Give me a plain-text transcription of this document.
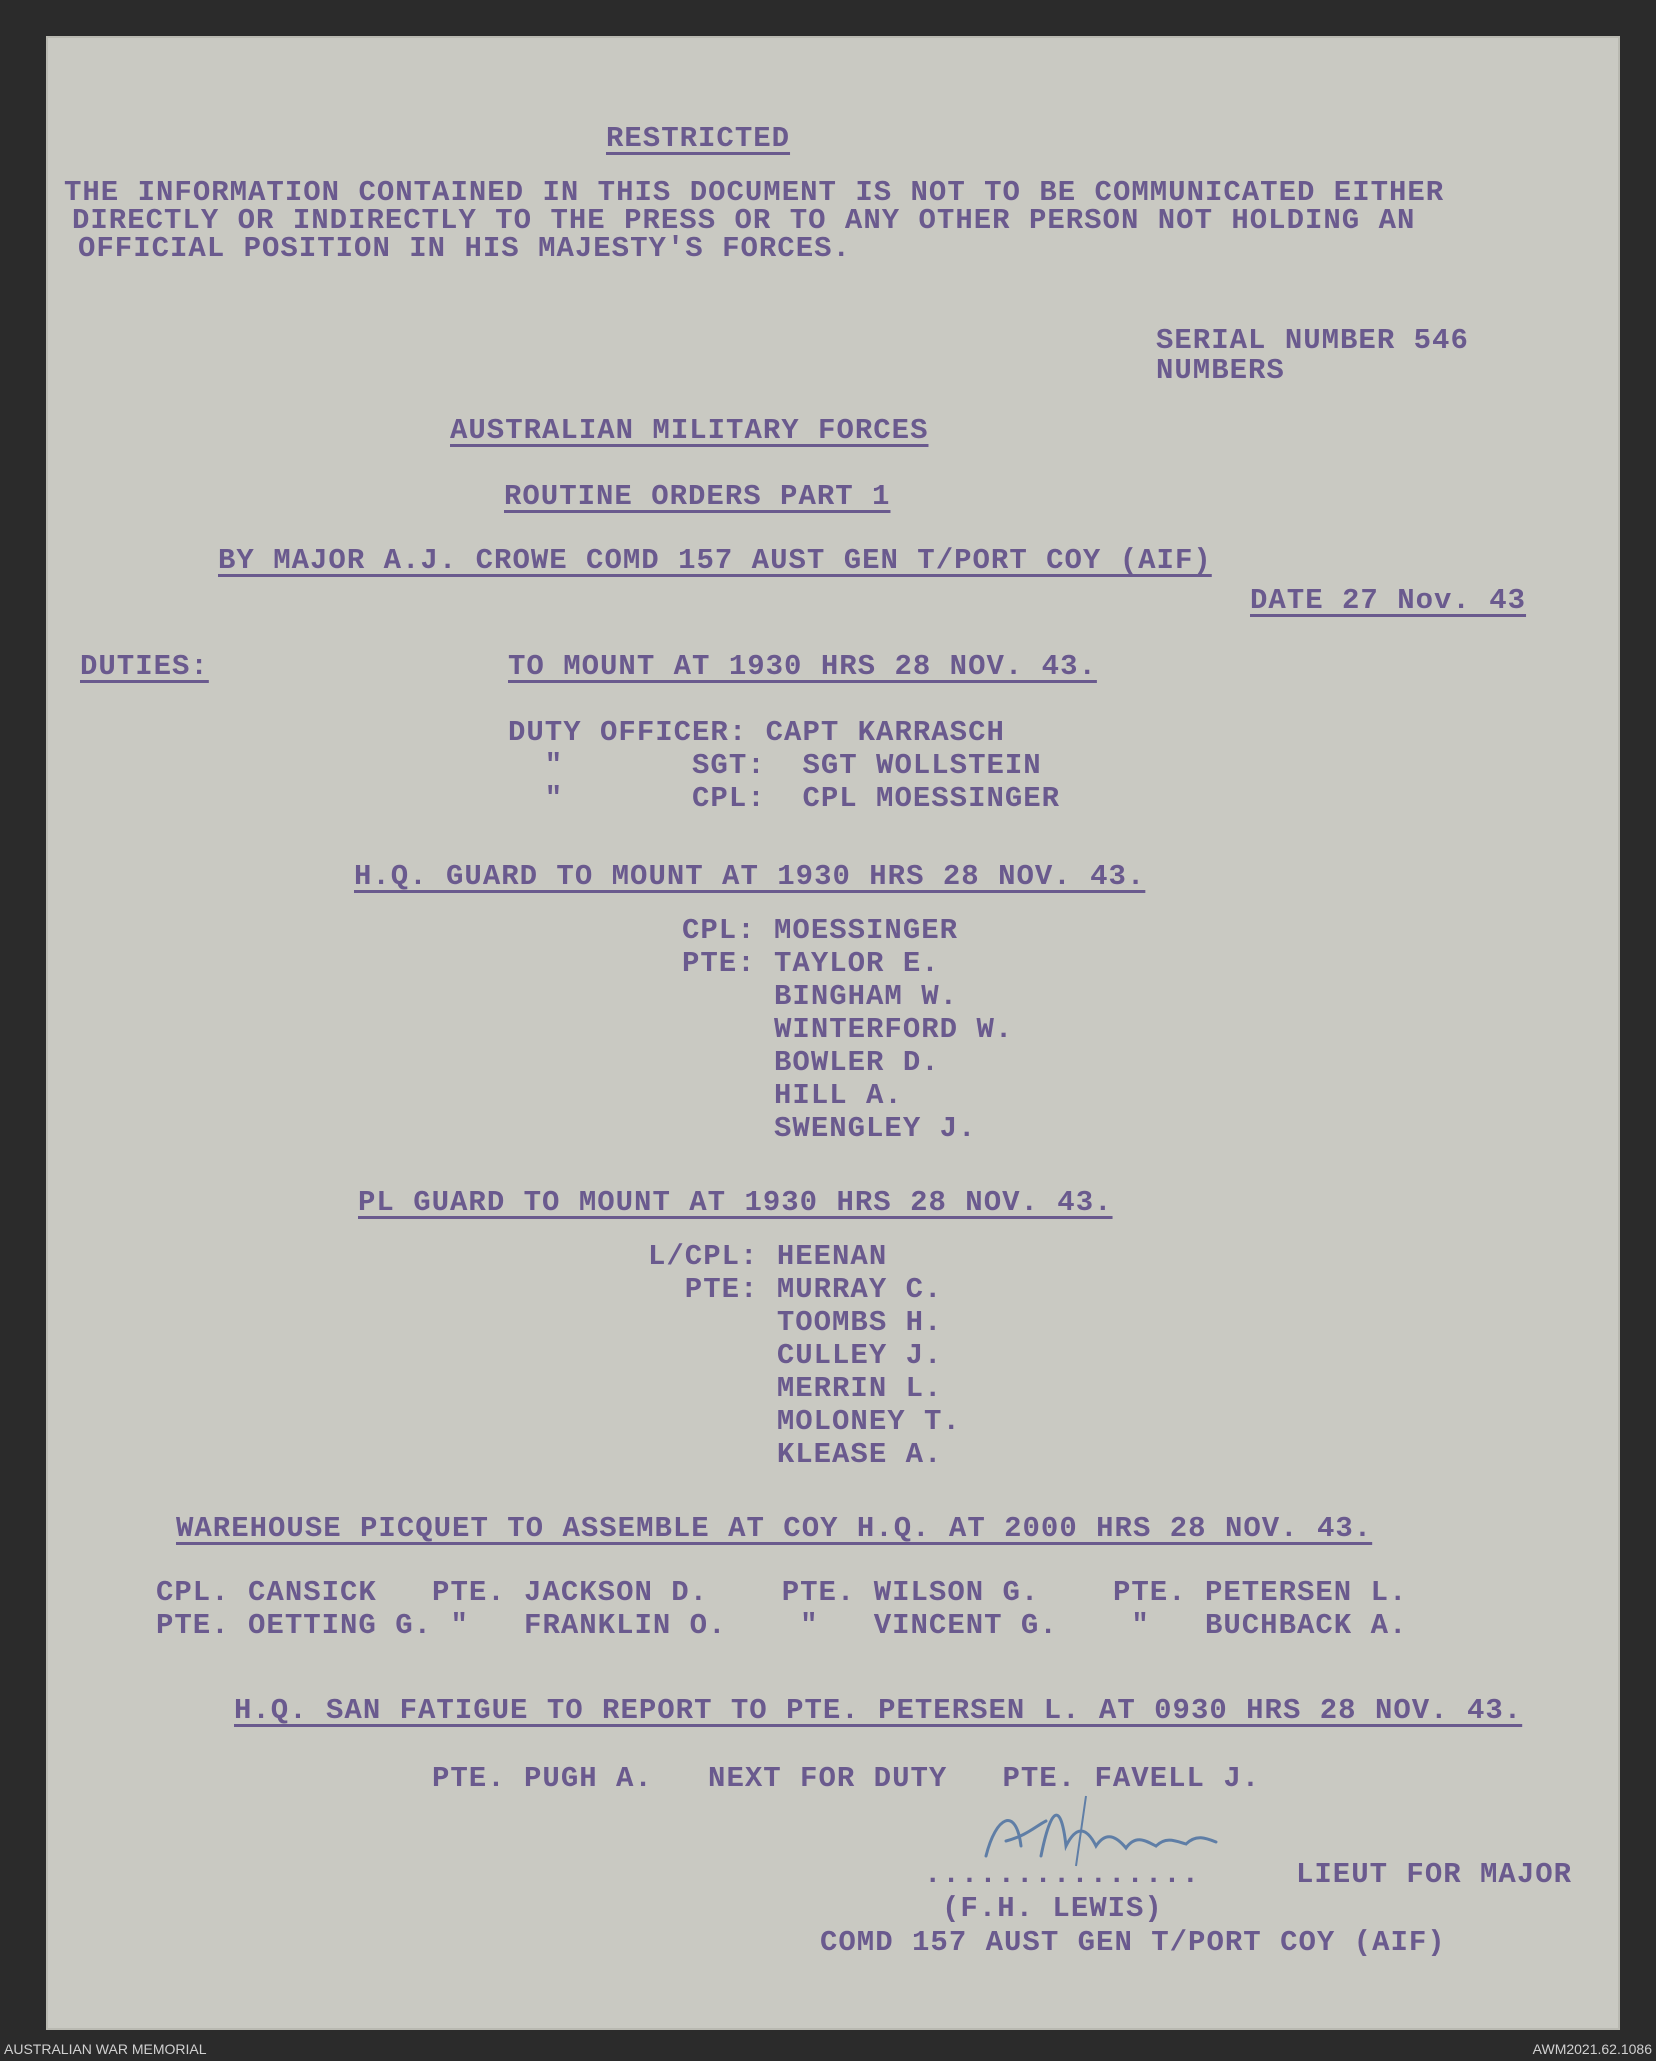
RESTRICTED

THE INFORMATION CONTAINED IN THIS DOCUMENT IS NOT TO BE COMMUNICATED EITHER

DIRECTLY OR INDIRECTLY TO THE PRESS OR TO ANY OTHER PERSON NOT HOLDING AN

OFFICIAL POSITION IN HIS MAJESTY'S FORCES.

SERIAL NUMBER 546

NUMBERS

AUSTRALIAN MILITARY FORCES

ROUTINE ORDERS PART 1

BY MAJOR A.J. CROWE COMD 157 AUST GEN T/PORT COY (AIF)

DATE 27 Nov. 43

DUTIES:	TO MOUNT AT 1930 HRS 28 NOV. 43.

DUTY OFFICER: CAPT KARRASCH
"       SGT:  SGT WOLLSTEIN
"       CPL:  CPL MOESSINGER

H.Q. GUARD TO MOUNT AT 1930 HRS 28 NOV. 43.

CPL: MOESSINGER
PTE: TAYLOR E.
BINGHAM W.
WINTERFORD W.
BOWLER D.
HILL A.
SWENGLEY J.

PL GUARD TO MOUNT AT 1930 HRS 28 NOV. 43.

L/CPL: HEENAN
PTE: MURRAY C.
TOOMBS H.
CULLEY J.
MERRIN L.
MOLONEY T.
KLEASE A.

WAREHOUSE PICQUET TO ASSEMBLE AT COY H.Q. AT 2000 HRS 28 NOV. 43.

CPL. CANSICK   PTE. JACKSON D.    PTE. WILSON G.    PTE. PETERSEN L.
PTE. OETTING G. "   FRANKLIN O.    "   VINCENT G.    "   BUCHBACK A.

H.Q. SAN FATIGUE TO REPORT TO PTE. PETERSEN L. AT 0930 HRS 28 NOV. 43.

PTE. PUGH A.   NEXT FOR DUTY   PTE. FAVELL J.

...............	LIEUT FOR MAJOR

(F.H. LEWIS)

COMD 157 AUST GEN T/PORT COY (AIF)

AUSTRALIAN WAR MEMORIAL	AWM2021.62.1086
